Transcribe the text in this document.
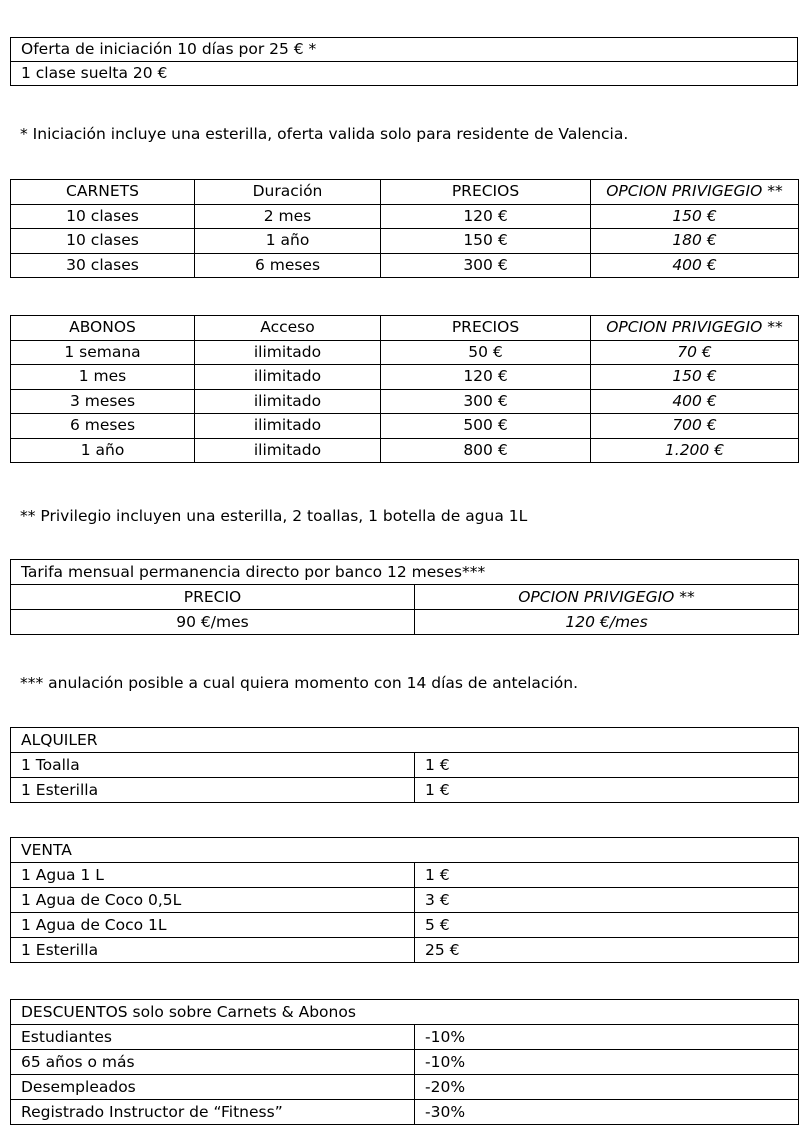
Oferta de iniciación 10 días por 25 € *
1 clase suelta 20 €

* Iniciación incluye una esterilla, oferta valida solo para residente de Valencia.

CARNETS	Duración	PRECIOS	OPCION PRIVIGEGIO **
10 clases	2 mes	120 €	150 €
10 clases	1 año	150 €	180 €
30 clases	6 meses	300 €	400 €
ABONOS	Acceso	PRECIOS	OPCION PRIVIGEGIO **
1 semana	ilimitado	50 €	70 €
1 mes	ilimitado	120 €	150 €
3 meses	ilimitado	300 €	400 €
6 meses	ilimitado	500 €	700 €
1 año	ilimitado	800 €	1.200 €

** Privilegio incluyen una esterilla, 2 toallas, 1 botella de agua 1L

Tarifa mensual permanencia directo por banco 12 meses***	
PRECIO	OPCION PRIVIGEGIO **
90 €/mes	120 €/mes

*** anulación posible a cual quiera momento con 14 días de antelación.

ALQUILER	
1 Toalla	1 €
1 Esterilla	1 €
VENTA	
1 Agua 1 L	1 €
1 Agua de Coco 0,5L	3 €
1 Agua de Coco 1L	5 €
1 Esterilla	25 €
DESCUENTOS solo sobre Carnets & Abonos	
Estudiantes	-10%
65 años o más	-10%
Desempleados	-20%
Registrado Instructor de “Fitness”	-30%
